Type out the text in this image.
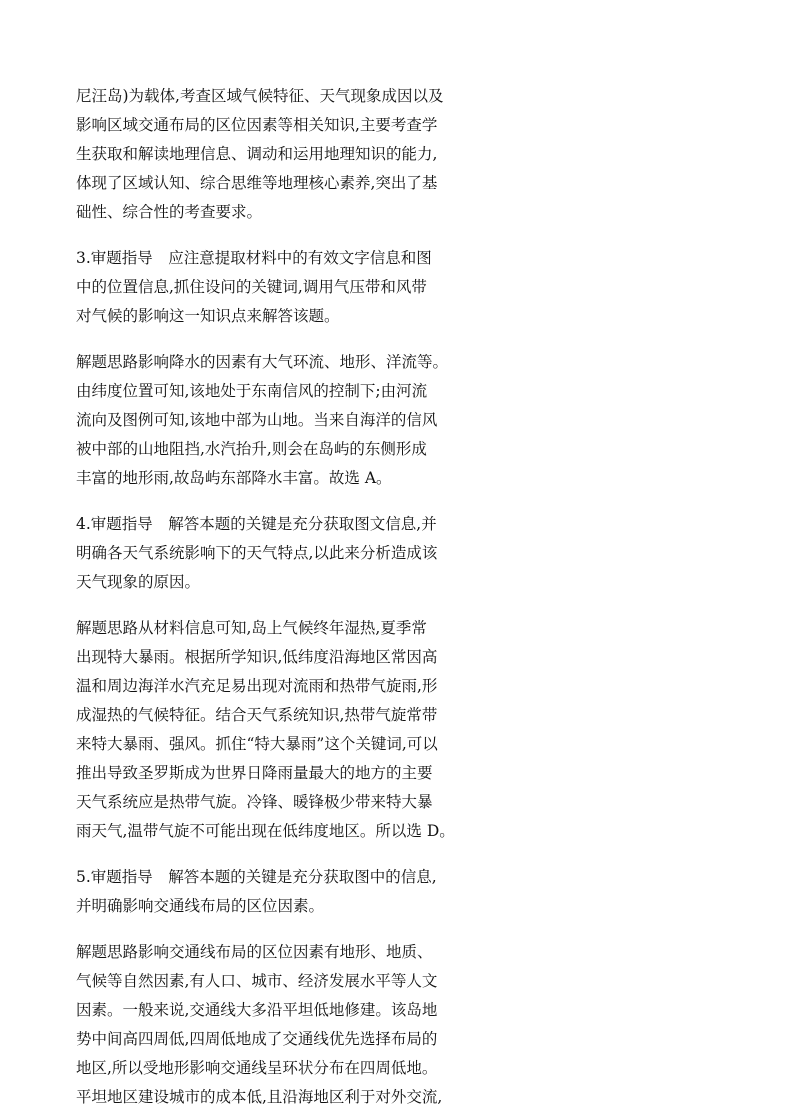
尼汪岛)为载体,考查区域气候特征、天气现象成因以及
影响区域交通布局的区位因素等相关知识,主要考查学
生获取和解读地理信息、调动和运用地理知识的能力,
体现了区域认知、综合思维等地理核心素养,突出了基
础性、综合性的考查要求。
3.审题指导　应注意提取材料中的有效文字信息和图
中的位置信息,抓住设问的关键词,调用气压带和风带
对气候的影响这一知识点来解答该题。
解题思路影响降水的因素有大气环流、地形、洋流等。
由纬度位置可知,该地处于东南信风的控制下;由河流
流向及图例可知,该地中部为山地。当来自海洋的信风
被中部的山地阻挡,水汽抬升,则会在岛屿的东侧形成
丰富的地形雨,故岛屿东部降水丰富。故选 A。
4.审题指导　解答本题的关键是充分获取图文信息,并
明确各天气系统影响下的天气特点,以此来分析造成该
天气现象的原因。
解题思路从材料信息可知,岛上气候终年湿热,夏季常
出现特大暴雨。根据所学知识,低纬度沿海地区常因高
温和周边海洋水汽充足易出现对流雨和热带气旋雨,形
成湿热的气候特征。结合天气系统知识,热带气旋常带
来特大暴雨、强风。抓住“特大暴雨”这个关键词,可以
推出导致圣罗斯成为世界日降雨量最大的地方的主要
天气系统应是热带气旋。冷锋、暖锋极少带来特大暴
雨天气,温带气旋不可能出现在低纬度地区。所以选 D。
5.审题指导　解答本题的关键是充分获取图中的信息,
并明确影响交通线布局的区位因素。
解题思路影响交通线布局的区位因素有地形、地质、
气候等自然因素,有人口、城市、经济发展水平等人文
因素。一般来说,交通线大多沿平坦低地修建。该岛地
势中间高四周低,四周低地成了交通线优先选择布局的
地区,所以受地形影响交通线呈环状分布在四周低地。
平坦地区建设城市的成本低,且沿海地区利于对外交流,
